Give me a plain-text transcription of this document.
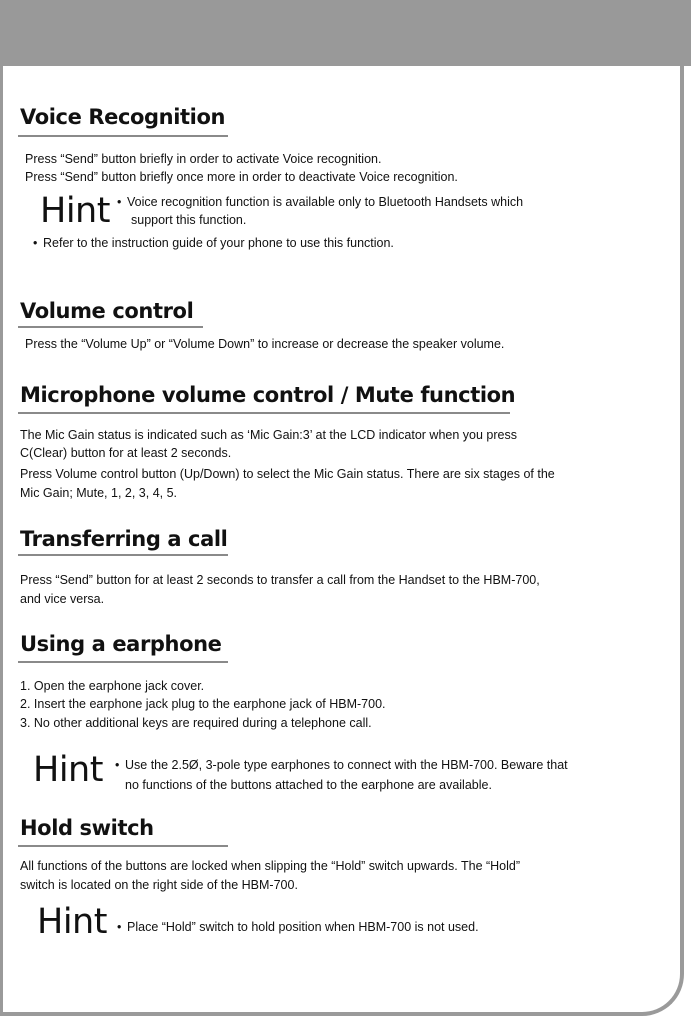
Voice Recognition
Press “Send” button briefly in order to activate Voice recognition.
Press “Send” button briefly once more in order to deactivate Voice recognition.
Hint	• Voice recognition function is available only to Bluetooth Handsets which
support this function.
• Refer to the instruction guide of your phone to use this function.
Volume control
Press the “Volume Up” or “Volume Down” to increase or decrease the speaker volume.
Microphone volume control / Mute function
The Mic Gain status is indicated such as ‘Mic Gain:3’ at the LCD indicator when you press
C(Clear) button for at least 2 seconds.
Press Volume control button (Up/Down) to select the Mic Gain status. There are six stages of the
Mic Gain; Mute, 1, 2, 3, 4, 5.
Transferring a call
Press “Send” button for at least 2 seconds to transfer a call from the Handset to the HBM-700,
and vice versa.
Using a earphone
1. Open the earphone jack cover.
2. Insert the earphone jack plug to the earphone jack of HBM-700.
3. No other additional keys are required during a telephone call.
Hint	• Use the 2.5Ø, 3-pole type earphones to connect with the HBM-700. Beware that
no functions of the buttons attached to the earphone are available.
Hold switch
All functions of the buttons are locked when slipping the “Hold” switch upwards. The “Hold”
switch is located on the right side of the HBM-700.
Hint	• Place “Hold” switch to hold position when HBM-700 is not used.
